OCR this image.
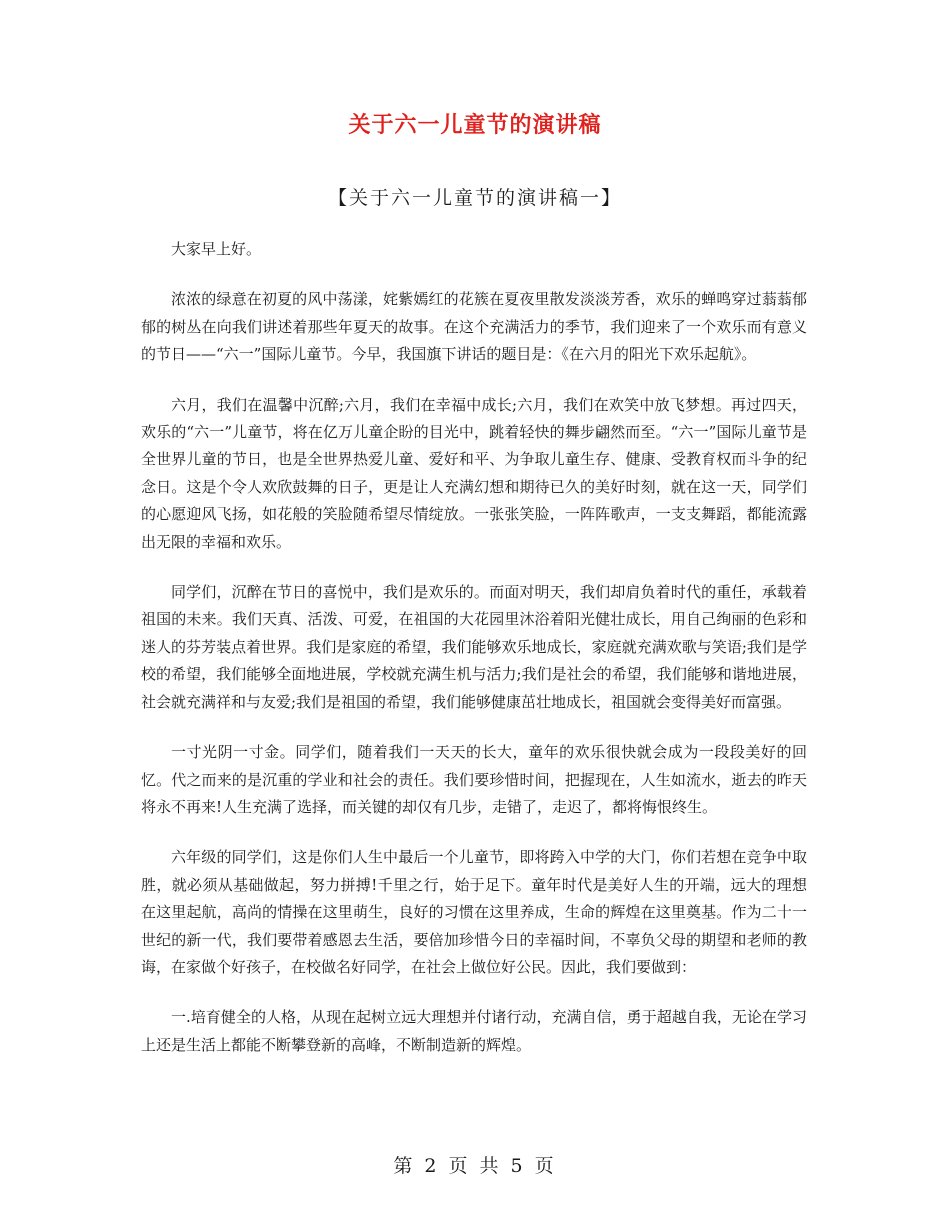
关于六一儿童节的演讲稿
【关于六一儿童节的演讲稿一】

大家早上好。

浓浓的绿意在初夏的风中荡漾，姹紫嫣红的花簇在夏夜里散发淡淡芳香，欢乐的蝉鸣穿过蓊蓊郁郁的树丛在向我们讲述着那些年夏天的故事。在这个充满活力的季节，我们迎来了一个欢乐而有意义的节日——“六一”国际儿童节。今早，我国旗下讲话的题目是：《在六月的阳光下欢乐起航》。

六月，我们在温馨中沉醉;六月，我们在幸福中成长;六月，我们在欢笑中放飞梦想。再过四天，欢乐的“六一”儿童节，将在亿万儿童企盼的目光中，跳着轻快的舞步翩然而至。“六一”国际儿童节是全世界儿童的节日，也是全世界热爱儿童、爱好和平、为争取儿童生存、健康、受教育权而斗争的纪念日。这是个令人欢欣鼓舞的日子，更是让人充满幻想和期待已久的美好时刻，就在这一天，同学们的心愿迎风飞扬，如花般的笑脸随希望尽情绽放。一张张笑脸，一阵阵歌声，一支支舞蹈，都能流露出无限的幸福和欢乐。

同学们，沉醉在节日的喜悦中，我们是欢乐的。而面对明天，我们却肩负着时代的重任，承载着祖国的未来。我们天真、活泼、可爱，在祖国的大花园里沐浴着阳光健壮成长，用自己绚丽的色彩和迷人的芬芳装点着世界。我们是家庭的希望，我们能够欢乐地成长，家庭就充满欢歌与笑语;我们是学校的希望，我们能够全面地进展，学校就充满生机与活力;我们是社会的希望，我们能够和谐地进展，社会就充满祥和与友爱;我们是祖国的希望，我们能够健康茁壮地成长，祖国就会变得美好而富强。

一寸光阴一寸金。同学们，随着我们一天天的长大，童年的欢乐很快就会成为一段段美好的回忆。代之而来的是沉重的学业和社会的责任。我们要珍惜时间，把握现在，人生如流水，逝去的昨天将永不再来!人生充满了选择，而关键的却仅有几步，走错了，走迟了，都将悔恨终生。

六年级的同学们，这是你们人生中最后一个儿童节，即将跨入中学的大门，你们若想在竞争中取胜，就必须从基础做起，努力拼搏!千里之行，始于足下。童年时代是美好人生的开端，远大的理想在这里起航，高尚的情操在这里萌生，良好的习惯在这里养成，生命的辉煌在这里奠基。作为二十一世纪的新一代，我们要带着感恩去生活，要倍加珍惜今日的幸福时间，不辜负父母的期望和老师的教诲，在家做个好孩子，在校做名好同学，在社会上做位好公民。因此，我们要做到：

一.培育健全的人格，从现在起树立远大理想并付诸行动，充满自信，勇于超越自我，无论在学习上还是生活上都能不断攀登新的高峰，不断制造新的辉煌。

第 2 页 共 5 页
